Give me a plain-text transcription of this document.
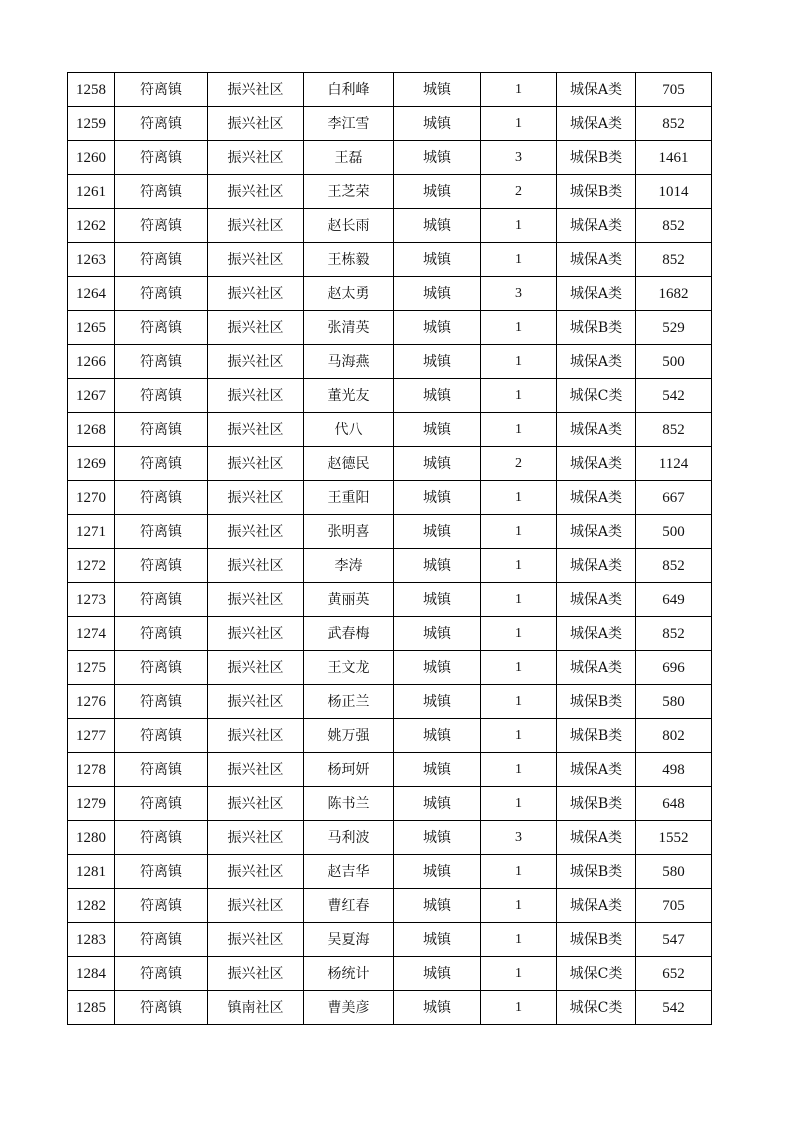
1258	符离镇	振兴社区	白利峰	城镇	1	城保A类	705
1259	符离镇	振兴社区	李江雪	城镇	1	城保A类	852
1260	符离镇	振兴社区	王磊	城镇	3	城保B类	1461
1261	符离镇	振兴社区	王芝荣	城镇	2	城保B类	1014
1262	符离镇	振兴社区	赵长雨	城镇	1	城保A类	852
1263	符离镇	振兴社区	王栋毅	城镇	1	城保A类	852
1264	符离镇	振兴社区	赵太勇	城镇	3	城保A类	1682
1265	符离镇	振兴社区	张清英	城镇	1	城保B类	529
1266	符离镇	振兴社区	马海燕	城镇	1	城保A类	500
1267	符离镇	振兴社区	董光友	城镇	1	城保C类	542
1268	符离镇	振兴社区	代八	城镇	1	城保A类	852
1269	符离镇	振兴社区	赵德民	城镇	2	城保A类	1124
1270	符离镇	振兴社区	王重阳	城镇	1	城保A类	667
1271	符离镇	振兴社区	张明喜	城镇	1	城保A类	500
1272	符离镇	振兴社区	李涛	城镇	1	城保A类	852
1273	符离镇	振兴社区	黄丽英	城镇	1	城保A类	649
1274	符离镇	振兴社区	武春梅	城镇	1	城保A类	852
1275	符离镇	振兴社区	王文龙	城镇	1	城保A类	696
1276	符离镇	振兴社区	杨正兰	城镇	1	城保B类	580
1277	符离镇	振兴社区	姚万强	城镇	1	城保B类	802
1278	符离镇	振兴社区	杨珂妍	城镇	1	城保A类	498
1279	符离镇	振兴社区	陈书兰	城镇	1	城保B类	648
1280	符离镇	振兴社区	马利波	城镇	3	城保A类	1552
1281	符离镇	振兴社区	赵吉华	城镇	1	城保B类	580
1282	符离镇	振兴社区	曹红春	城镇	1	城保A类	705
1283	符离镇	振兴社区	吴夏海	城镇	1	城保B类	547
1284	符离镇	振兴社区	杨统计	城镇	1	城保C类	652
1285	符离镇	镇南社区	曹美彦	城镇	1	城保C类	542
